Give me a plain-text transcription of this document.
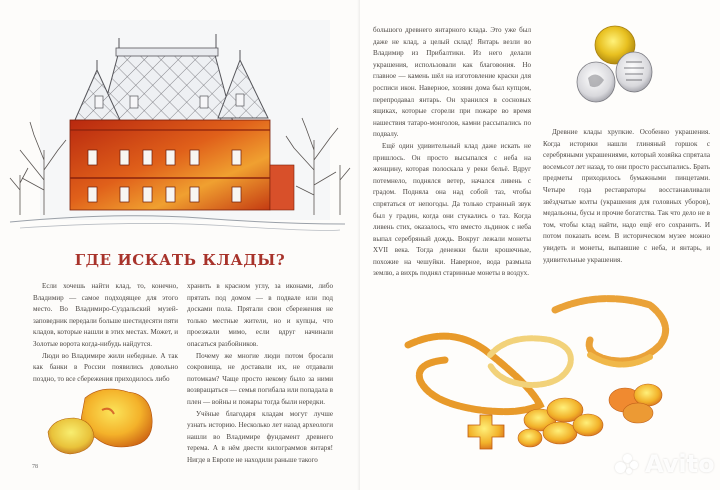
ГДЕ ИСКАТЬ КЛАДЫ?

Если хочешь найти клад, то, конечно, Владимир — самое подходящее для этого место. Во Владимиро-Суздальский музей-заповедник передали больше шестидесяти пяти кладов, которые нашли в этих местах. Может, и Золотые ворота когда-нибудь найдутся.

Люди во Владимире жили небедные. А так как банки в России появились довольно поздно, то все сбережения приходилось либо

хранить в красном углу, за иконами, либо прятать под домом — в подвале или под досками пола. Прятали свои сбережения не только местные жители, но и купцы, что проезжали мимо, если вдруг начинали опасаться разбойников.

Почему же многие люди потом бросали сокровища, не доставали их, не отдавали потомкам? Чаще просто некому было за ними возвращаться — семья погибала или попадала в плен — войны и пожары тогда были нередки.

Учёные благодаря кладам могут лучше узнать историю. Несколько лет назад археологи нашли во Владимире фундамент древнего терема. А в нём двести килограммов янтаря! Нигде в Европе не находили раньше такого

78

большого древнего янтарного клада. Это уже был даже не клад, а целый склад! Янтарь везли во Владимир из Прибалтики. Из него делали украшения, использовали как благовония. Но главное — камень шёл на изготовление краски для росписи икон. Наверное, хозяин дома был купцом, перепродавал янтарь. Он хранился в сосновых ящиках, которые сгорели при пожаре во время нашествия татаро-монголов, камни рассыпались по подвалу.

Ещё один удивительный клад даже искать не пришлось. Он просто высыпался с неба на женщину, которая полоскала у реки бельё. Вдруг потемнело, поднялся ветер, начался ливень с градом. Подняла она над собой таз, чтобы спрятаться от непогоды. Да только странный звук был у градин, когда они стукались о таз. Когда ливень стих, оказалось, что вместо льдинок с неба выпал серебряный дождь. Вокруг лежали монеты XVII века. Тогда денежки были крошечные, похожие на чешуйки. Наверное, вода размыла землю, а вихрь поднял старинные монеты в воздух.

Древние клады хрупкие. Особенно украшения. Когда историки нашли глиняный горшок с серебряными украшениями, который хозяйка спрятала восемьсот лет назад, то они просто рассыпались. Брать предметы приходилось бумажными пинцетами. Четыре года реставраторы восстанавливали звёздчатые колты (украшения для головных уборов), медальоны, бусы и прочие богатства. Так что дело не в том, чтобы клад найти, надо ещё его сохранить. И потом показать всем. В историческом музее можно увидеть и монеты, выпавшие с неба, и янтарь, и удивительные украшения.

Avito
